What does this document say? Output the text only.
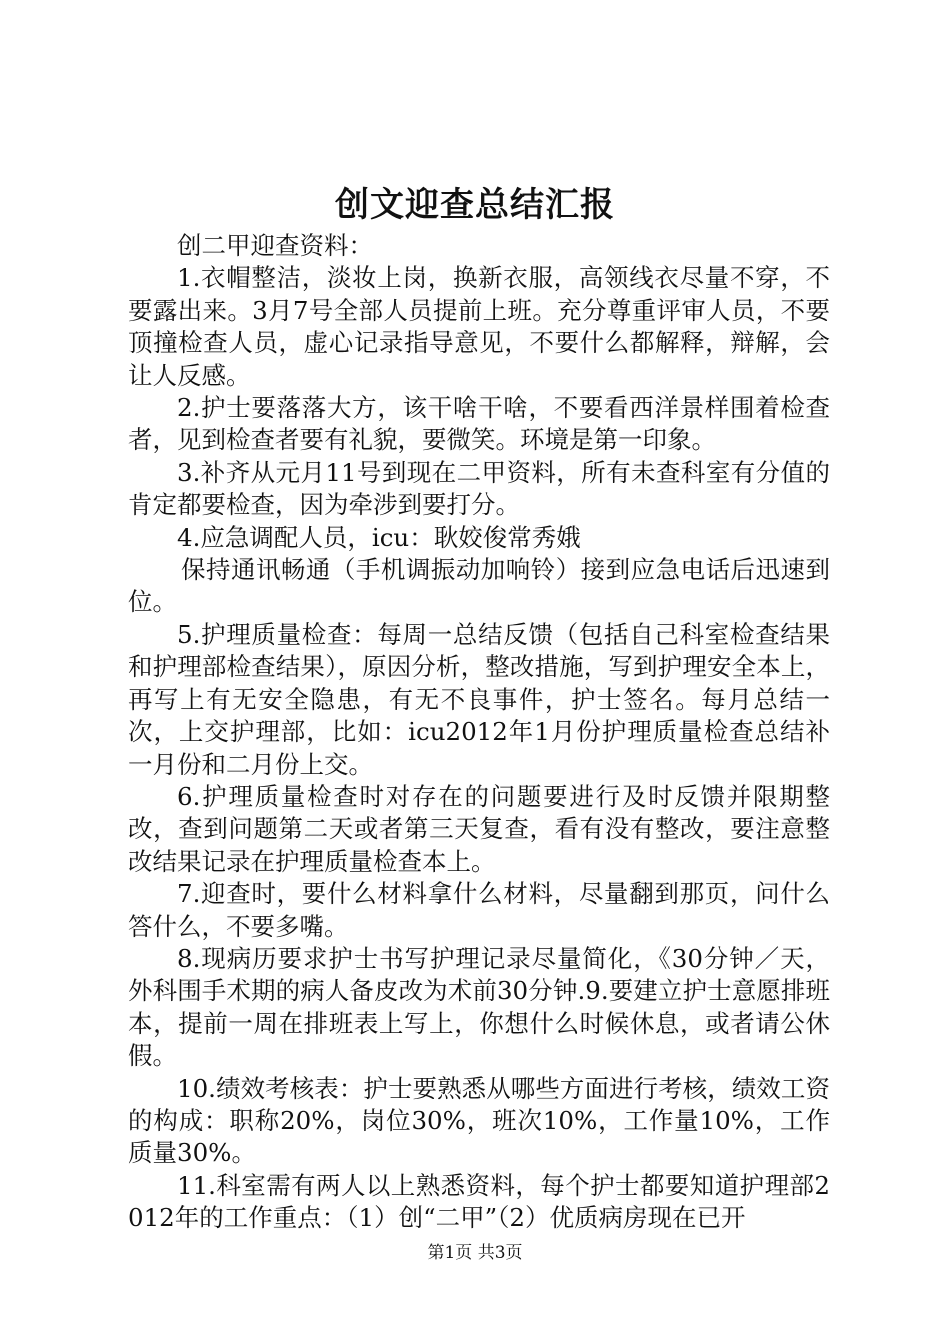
创文迎查总结汇报

创二甲迎查资料：

1.衣帽整洁，淡妆上岗，换新衣服，高领线衣尽量不穿，不要露出来。3月7号全部人员提前上班。充分尊重评审人员，不要顶撞检查人员，虚心记录指导意见，不要什么都解释，辩解，会让人反感。

2.护士要落落大方，该干啥干啥，不要看西洋景样围着检查者，见到检查者要有礼貌，要微笑。环境是第一印象。

3.补齐从元月11号到现在二甲资料，所有未查科室有分值的肯定都要检查，因为牵涉到要打分。

4.应急调配人员，icu：耿姣俊常秀娥

保持通讯畅通（手机调振动加响铃）接到应急电话后迅速到位。

5.护理质量检查：每周一总结反馈（包括自己科室检查结果和护理部检查结果），原因分析，整改措施，写到护理安全本上，再写上有无安全隐患，有无不良事件，护士签名。每月总结一次，上交护理部，比如：icu2012年1月份护理质量检查总结补一月份和二月份上交。

6.护理质量检查时对存在的问题要进行及时反馈并限期整改，查到问题第二天或者第三天复查，看有没有整改，要注意整改结果记录在护理质量检查本上。

7.迎查时，要什么材料拿什么材料，尽量翻到那页，问什么答什么，不要多嘴。

8.现病历要求护士书写护理记录尽量简化，《30分钟／天，外科围手术期的病人备皮改为术前30分钟.9.要建立护士意愿排班本，提前一周在排班表上写上，你想什么时候休息，或者请公休假。

10.绩效考核表：护士要熟悉从哪些方面进行考核，绩效工资的构成：职称20%，岗位30%，班次10%，工作量10%，工作质量30%。

11.科室需有两人以上熟悉资料，每个护士都要知道护理部2012年的工作重点：（1）创“二甲”（2）优质病房现在已开

第1页 共3页
